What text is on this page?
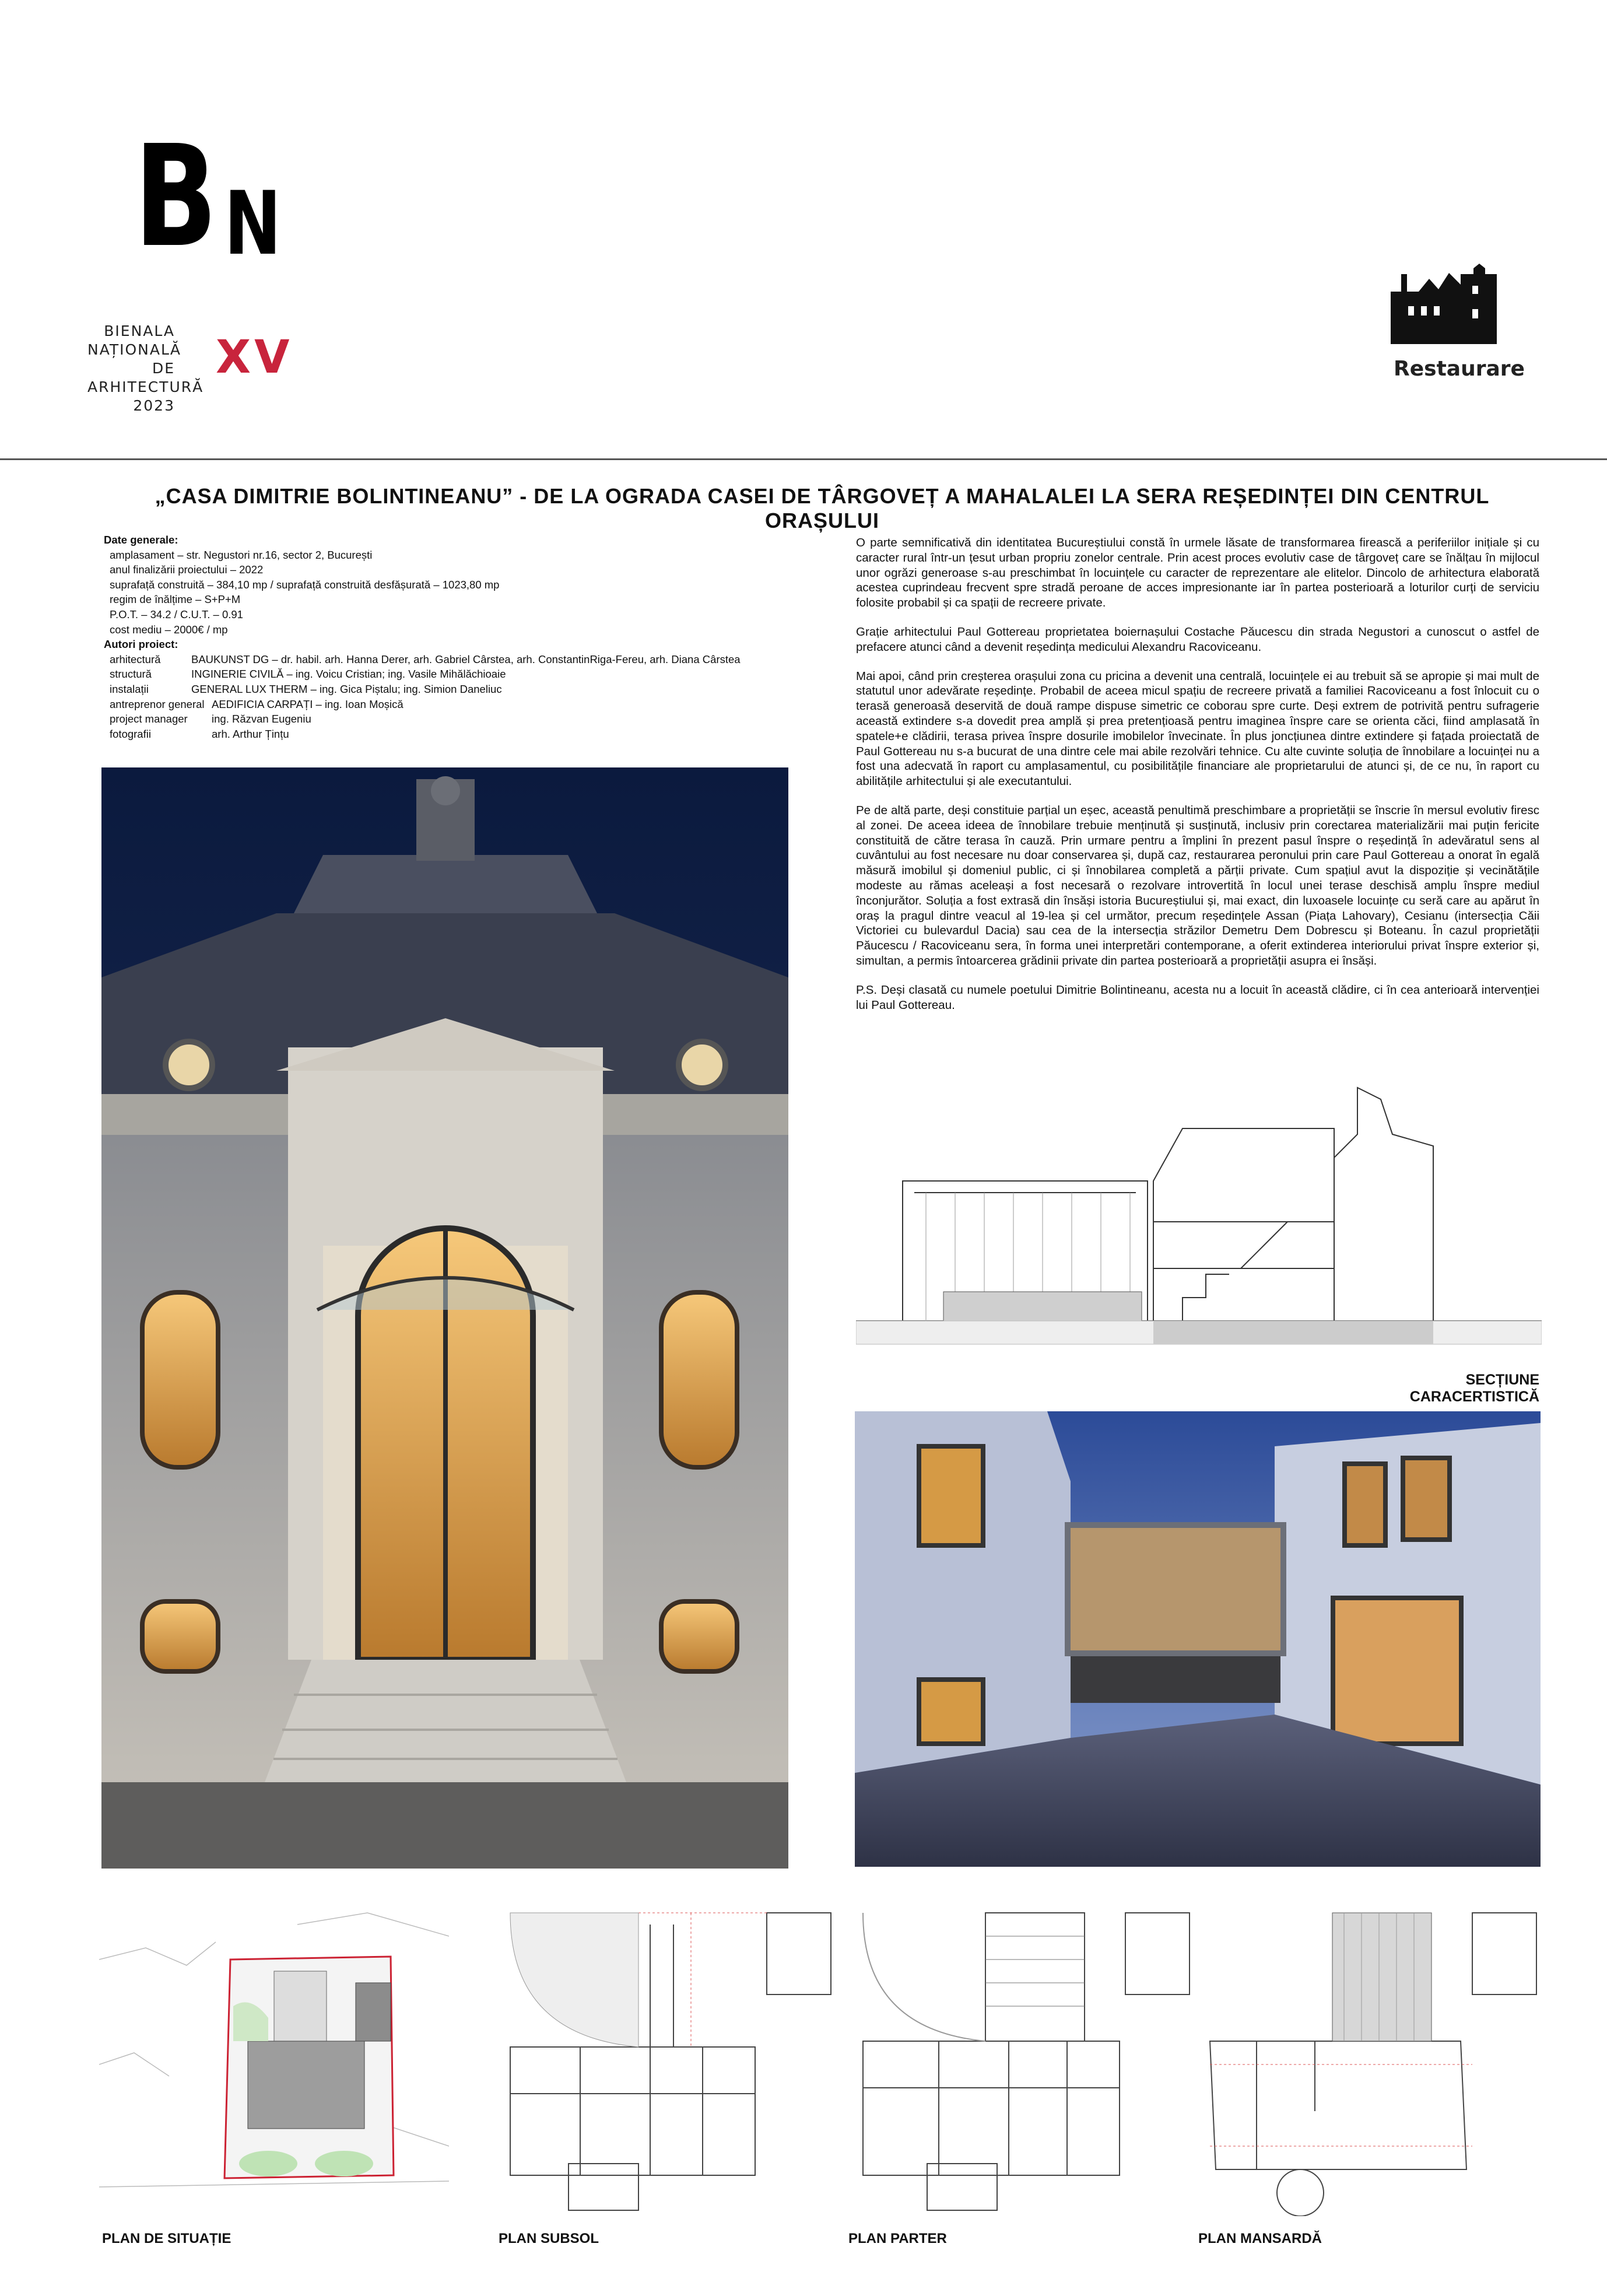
B N
BIENALA
NAȚIONALĂ
DE
ARHITECTURĂ
2023
XV	Restaurare
„CASA DIMITRIE BOLINTINEANU” - DE LA OGRADA CASEI DE TÂRGOVEȚ A MAHALALEI LA SERA REȘEDINȚEI DIN CENTRUL ORAȘULUI
Date generale:
amplasament – str. Negustori nr.16, sector 2, București
anul finalizării proiectului – 2022
suprafață construită – 384,10 mp / suprafață construită desfășurată – 1023,80 mp
regim de înălțime – S+P+M
P.O.T. – 34.2 / C.U.T. – 0.91
cost mediu – 2000€ / mp
Autori proiect:
arhitectură	BAUKUNST DG – dr. habil. arh. Hanna Derer, arh. Gabriel Cârstea, arh. ConstantinRiga-Fereu, arh. Diana Cârstea
structură	INGINERIE CIVILĂ – ing. Voicu Cristian; ing. Vasile Mihălăchioaie
instalații	GENERAL LUX THERM – ing. Gica Piștalu; ing. Simion Daneliuc
antreprenor general AEDIFICIA CARPAȚI – ing. Ioan Moșică
project manager	ing. Răzvan Eugeniu
fotografii	arh. Arthur Țințu

O parte semnificativă din identitatea Bucureștiului constă în urmele lăsate de transformarea firească a periferiilor inițiale și cu caracter rural într-un țesut urban propriu zonelor centrale. Prin acest proces evolutiv case de târgoveț care se înălțau în mijlocul unor ogrăzi generoase s-au preschimbat în locuințele cu caracter de reprezentare ale elitelor. Dincolo de arhitectura elaborată acestea cuprindeau frecvent spre stradă peroane de acces impresionante iar în partea posterioară a loturilor curți de serviciu folosite probabil și ca spații de recreere private.

Grație arhitectului Paul Gottereau proprietatea boiernașului Costache Păucescu din strada Negustori a cunoscut o astfel de prefacere atunci când a devenit reședința medicului Alexandru Racoviceanu.

Mai apoi, când prin creșterea orașului zona cu pricina a devenit una centrală, locuințele ei au trebuit să se apropie și mai mult de statutul unor adevărate reședințe. Probabil de aceea micul spațiu de recreere privată a familiei Racoviceanu a fost înlocuit cu o terasă generoasă deservită de două rampe dispuse simetric ce coborau spre curte. Deși extrem de potrivită pentru sufragerie această extindere s-a dovedit prea amplă și prea pretențioasă pentru imaginea înspre care se orienta căci, fiind amplasată în spatele+e clădirii, terasa privea înspre dosurile imobilelor învecinate. În plus joncțiunea dintre extindere și fațada proiectată de Paul Gottereau nu s-a bucurat de una dintre cele mai abile rezolvări tehnice. Cu alte cuvinte soluția de înnobilare a locuinței nu a fost una adecvată în raport cu amplasamentul, cu posibilitățile financiare ale proprietarului de atunci și, de ce nu, în raport cu abilitățile arhitectului și ale executantului.

Pe de altă parte, deși constituie parțial un eșec, această penultimă preschimbare a proprietății se înscrie în mersul evolutiv firesc al zonei. De aceea ideea de înnobilare trebuie menținută și susținută, inclusiv prin corectarea materializării mai puțin fericite constituită de către terasa în cauză. Prin urmare pentru a împlini în prezent pasul înspre o reședință în adevăratul sens al cuvântului au fost necesare nu doar conservarea și, după caz, restaurarea peronului prin care Paul Gottereau a onorat în egală măsură imobilul și domeniul public, ci și înnobilarea completă a părții private. Cum spațiul avut la dispoziție și vecinătățile modeste au rămas aceleași a fost necesară o rezolvare introvertită în locul unei terase deschisă amplu înspre mediul înconjurător. Soluția a fost extrasă din însăși istoria Bucureștiului și, mai exact, din luxoasele locuințe cu seră care au apărut în oraș la pragul dintre veacul al 19-lea și cel următor, precum reședințele Assan (Piața Lahovary), Cesianu (intersecția Căii Victoriei cu bulevardul Dacia) sau cea de la intersecția străzilor Demetru Dem Dobrescu și Boteanu. În cazul proprietății Păucescu / Racoviceanu sera, în forma unei interpretări contemporane, a oferit extinderea interiorului privat înspre exterior și, simultan, a permis întoarcerea grădinii private din partea posterioară a proprietății asupra ei însăși.

P.S. Deși clasată cu numele poetului Dimitrie Bolintineanu, acesta nu a locuit în această clădire, ci în cea anterioară intervenției lui Paul Gottereau.

SECȚIUNE CARACERTISTICĂ
PLAN DE SITUAȚIE	PLAN SUBSOL	PLAN PARTER	PLAN MANSARDĂ
